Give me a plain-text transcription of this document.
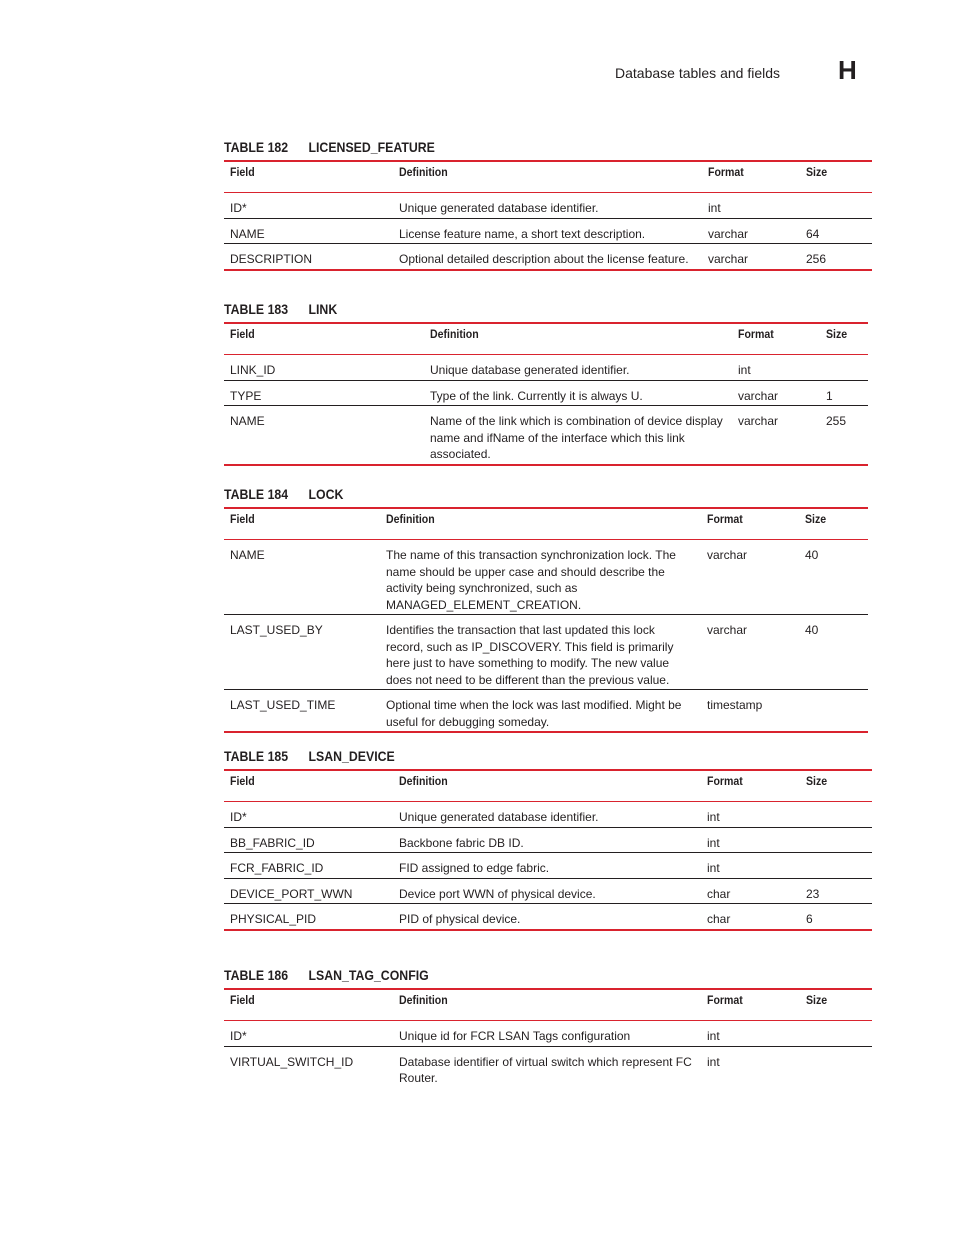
Database tables and fields H
TABLE 182 LICENSED_FEATURE
Field	Definition	Format	Size
ID*	Unique generated database identifier.	int	
NAME	License feature name, a short text description.	varchar	64
DESCRIPTION	Optional detailed description about the license feature.	varchar	256
TABLE 183 LINK
Field	Definition	Format	Size
LINK_ID	Unique database generated identifier.	int	
TYPE	Type of the link. Currently it is always U.	varchar	1
NAME	Name of the link which is combination of device display name and ifName of the interface which this link associated.	varchar	255
TABLE 184 LOCK
Field	Definition	Format	Size
NAME	The name of this transaction synchronization lock. The name should be upper case and should describe the activity being synchronized, such as MANAGED_ELEMENT_CREATION.	varchar	40
LAST_USED_BY	Identifies the transaction that last updated this lock record, such as IP_DISCOVERY. This field is primarily here just to have something to modify. The new value does not need to be different than the previous value.	varchar	40
LAST_USED_TIME	Optional time when the lock was last modified. Might be useful for debugging someday.	timestamp	
TABLE 185 LSAN_DEVICE
Field	Definition	Format	Size
ID*	Unique generated database identifier.	int	
BB_FABRIC_ID	Backbone fabric DB ID.	int	
FCR_FABRIC_ID	FID assigned to edge fabric.	int	
DEVICE_PORT_WWN	Device port WWN of physical device.	char	23
PHYSICAL_PID	PID of physical device.	char	6
TABLE 186 LSAN_TAG_CONFIG
Field	Definition	Format	Size
ID*	Unique id for FCR LSAN Tags configuration	int	
VIRTUAL_SWITCH_ID	Database identifier of virtual switch which represent FC Router.	int	
